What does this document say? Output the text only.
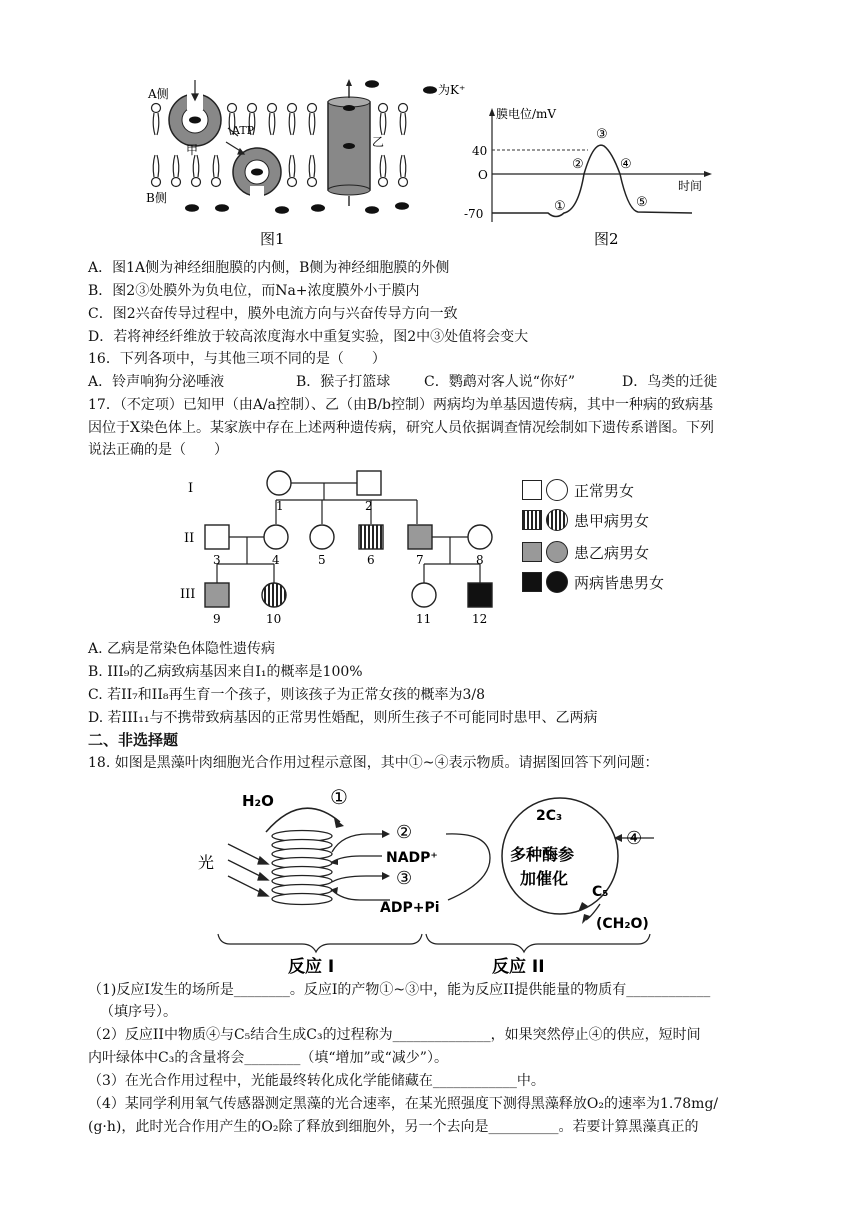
A侧
B侧
ATP
甲
乙
为K⁺
图1
膜电位/mV
时间
40
O
-70	①
②
③
④
⑤
图2
A．图1A侧为神经细胞膜的内侧，B侧为神经细胞膜的外侧
B．图2③处膜外为负电位，而Na+浓度膜外小于膜内
C．图2兴奋传导过程中，膜外电流方向与兴奋传导方向一致
D．若将神经纤维放于较高浓度海水中重复实验，图2中③处值将会变大
16．下列各项中，与其他三项不同的是（　　）
A．铃声响狗分泌唾液	B．猴子打篮球 C．鹦鹉对客人说“你好”	D．鸟类的迁徙
17．（不定项）已知甲（由A/a控制）、乙（由B/b控制）两病均为单基因遗传病，其中一种病的致病基
因位于X染色体上。某家族中存在上述两种遗传病，研究人员依据调查情况绘制如下遗传系谱图。下列
说法正确的是（　　）
I
II
III
1	2
3	4	5	6	7	8
9	10	11	12
正常男女
患甲病男女
患乙病男女
两病皆患男女
A. 乙病是常染色体隐性遗传病
B. III₉的乙病致病基因来自I₁的概率是100%
C. 若II₇和II₈再生育一个孩子，则该孩子为正常女孩的概率为3/8
D. 若III₁₁与不携带致病基因的正常男性婚配，则所生孩子不可能同时患甲、乙两病
二、非选择题
18. 如图是黑藻叶肉细胞光合作用过程示意图，其中①~④表示物质。请据图回答下列问题：
H₂O	①
光
②
NADP⁺
③
ADP+Pi
2C₃
④
多种酶参
加催化
C₅
(CH₂O)
反应 I	反应 II
（1)反应I发生的场所是________。反应I的产物①~③中，能为反应II提供能量的物质有____________
（填序号）。
（2）反应II中物质④与C₅结合生成C₃的过程称为______________，如果突然停止④的供应，短时间
内叶绿体中C₃的含量将会________（填“增加”或“减少”）。
（3）在光合作用过程中，光能最终转化成化学能储藏在____________中。
（4）某同学利用氧气传感器测定黑藻的光合速率，在某光照强度下测得黑藻释放O₂的速率为1.78mg/
(g·h)，此时光合作用产生的O₂除了释放到细胞外，另一个去向是__________。若要计算黑藻真正的
